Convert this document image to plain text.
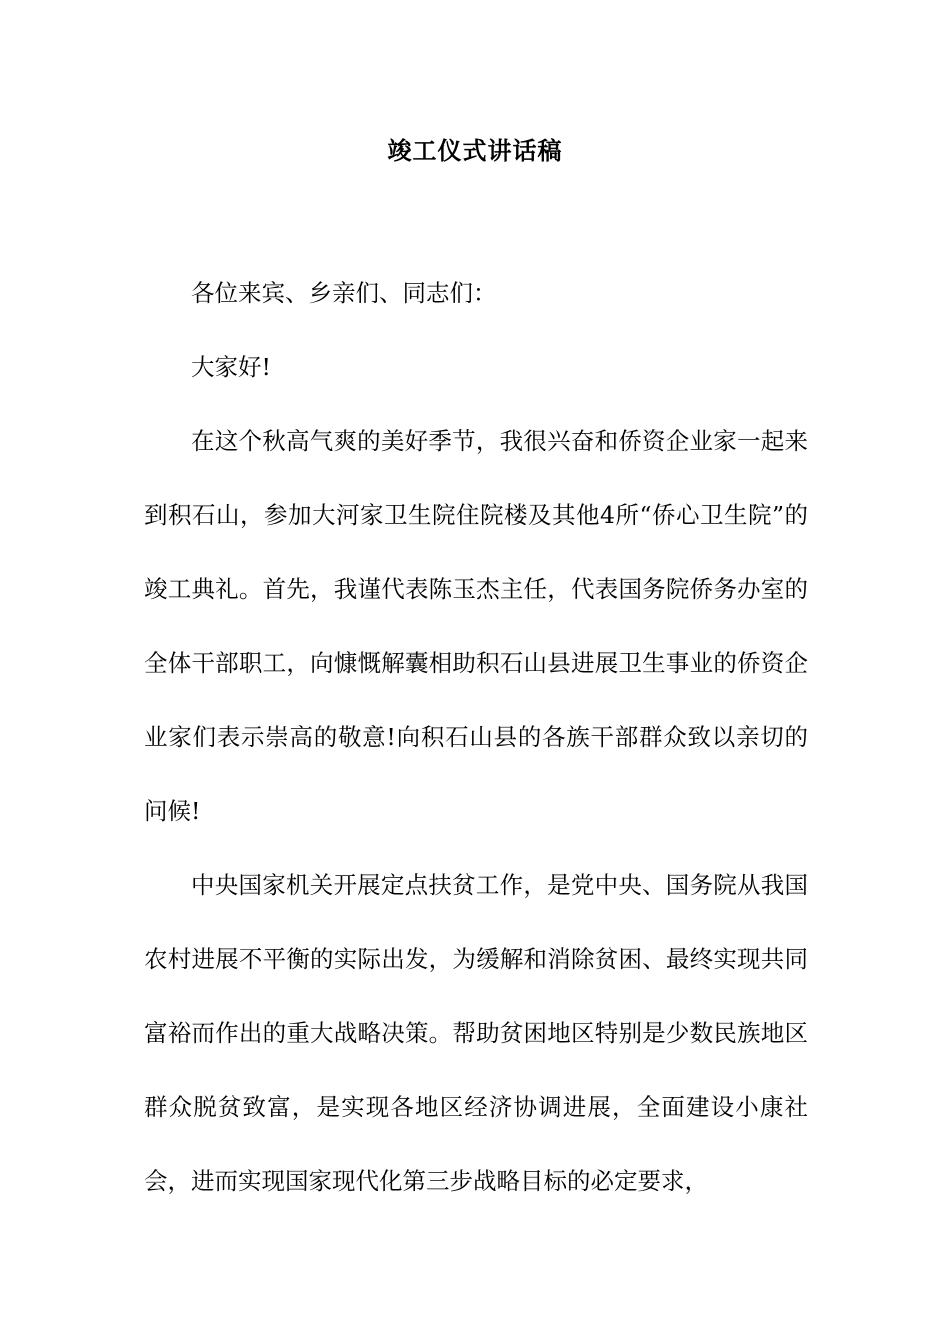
竣工仪式讲话稿

各位来宾、乡亲们、同志们：

大家好!

在这个秋高气爽的美好季节，我很兴奋和侨资企业家一起来到积石山，参加大河家卫生院住院楼及其他4所“侨心卫生院”的竣工典礼。首先，我谨代表陈玉杰主任，代表国务院侨务办室的全体干部职工，向慷慨解囊相助积石山县进展卫生事业的侨资企业家们表示崇高的敬意!向积石山县的各族干部群众致以亲切的问候!

中央国家机关开展定点扶贫工作，是党中央、国务院从我国农村进展不平衡的实际出发，为缓解和消除贫困、最终实现共同富裕而作出的重大战略决策。帮助贫困地区特别是少数民族地区群众脱贫致富，是实现各地区经济协调进展，全面建设小康社会，进而实现国家现代化第三步战略目标的必定要求，
